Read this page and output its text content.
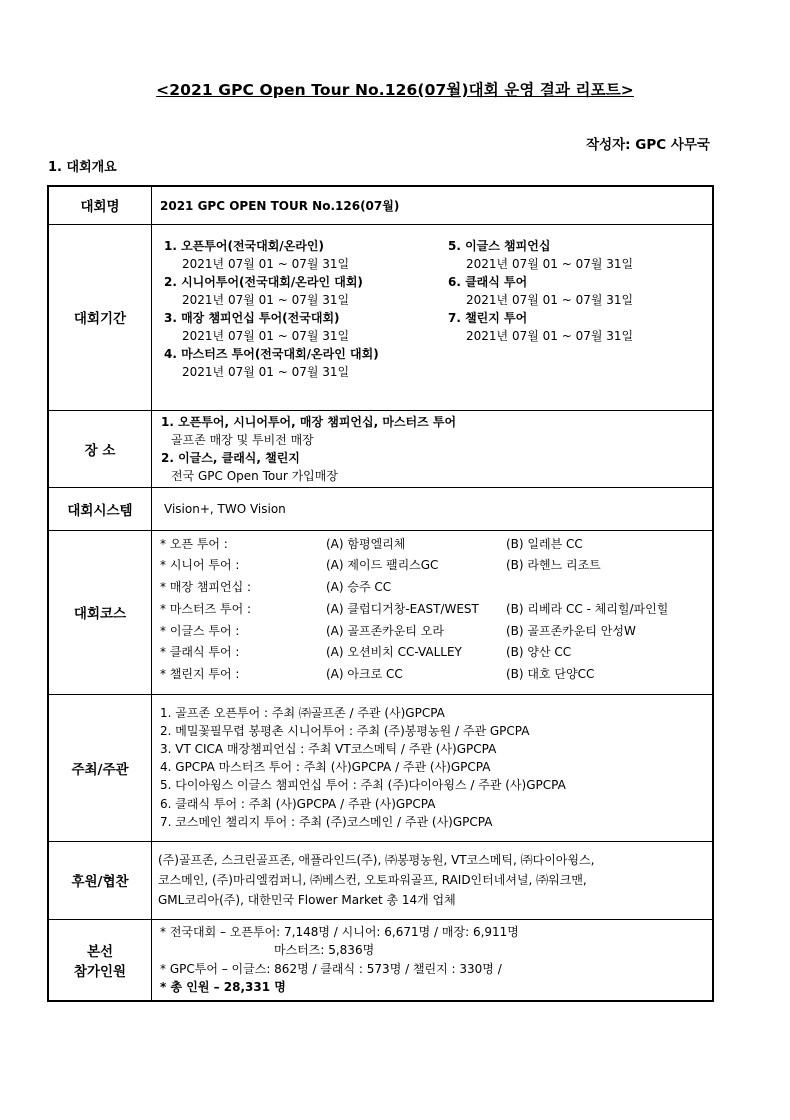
<2021 GPC Open Tour No.126(07월)대회 운영 결과 리포트>
작성자: GPC 사무국
1. 대회개요
대회명	2021 GPC OPEN TOUR No.126(07월)
대회기간	
1. 오픈투어(전국대회/온라인)
2021년 07월 01 ~ 07월 31일
2. 시니어투어(전국대회/온라인 대회)
2021년 07월 01 ~ 07월 31일
3. 매장 챔피언십 투어(전국대회)
2021년 07월 01 ~ 07월 31일
4. 마스터즈 투어(전국대회/온라인 대회)
2021년 07월 01 ~ 07월 31일
5. 이글스 챔피언십
2021년 07월 01 ~ 07월 31일
6. 클래식 투어
2021년 07월 01 ~ 07월 31일
7. 챌린지 투어
2021년 07월 01 ~ 07월 31일

장 소	
1. 오픈투어, 시니어투어, 매장 챔피언십, 마스터즈 투어
골프존 매장 및 투비전 매장
2. 이글스, 클래식, 챌린지
전국 GPC Open Tour 가입매장

대회시스템	Vision+, TWO Vision
대회코스	
* 오픈 투어 :	(A) 함평엘리체	(B) 일레븐 CC
* 시니어 투어 :	(A) 제이드 팰리스GC	(B) 라헨느 리조트
* 매장 챔피언십 :	(A) 승주 CC	
* 마스터즈 투어 :	(A) 클럽디거창-EAST/WEST	(B) 리베라 CC - 체리힐/파인힐
* 이글스 투어 :	(A) 골프존카운티 오라	(B) 골프존카운티 안성W
* 클래식 투어 :	(A) 오션비치 CC-VALLEY	(B) 양산 CC
* 챌린지 투어 :	(A) 아크로 CC	(B) 대호 단양CC

주최/주관	
1. 골프존 오픈투어 : 주최 ㈜골프존 / 주관 (사)GPCPA
2. 메밀꽃필무렵 봉평촌 시니어투어 : 주최 (주)봉평농원 / 주관 GPCPA
3. VT CICA 매장챔피언십 : 주최 VT코스메틱 / 주관 (사)GPCPA
4. GPCPA 마스터즈 투어 : 주최 (사)GPCPA / 주관 (사)GPCPA
5. 다이아윙스 이글스 챔피언십 투어 : 주최 (주)다이아윙스 / 주관 (사)GPCPA
6. 클래식 투어 : 주최 (사)GPCPA / 주관 (사)GPCPA
7. 코스메인 챌리지 투어 : 주최 (주)코스메인 / 주관 (사)GPCPA

후원/협찬	
(주)골프존, 스크린골프존, 애플라인드(주), ㈜봉평농원, VT코스메틱, ㈜다이아윙스,
코스메인, (주)마리엘컴퍼니, ㈜베스컨, 오토파워골프, RAID인터네셔널, ㈜워크맨,
GML코리아(주), 대한민국 Flower Market 총 14개 업체

본선
참가인원

* 전국대회 – 오픈투어: 7,148명 / 시니어: 6,671명 / 매장: 6,911명
마스터즈: 5,836명
* GPC투어 – 이글스: 862명 / 클래식 : 573명 / 챌린지 : 330명 /
* 총 인원 – 28,331 명
